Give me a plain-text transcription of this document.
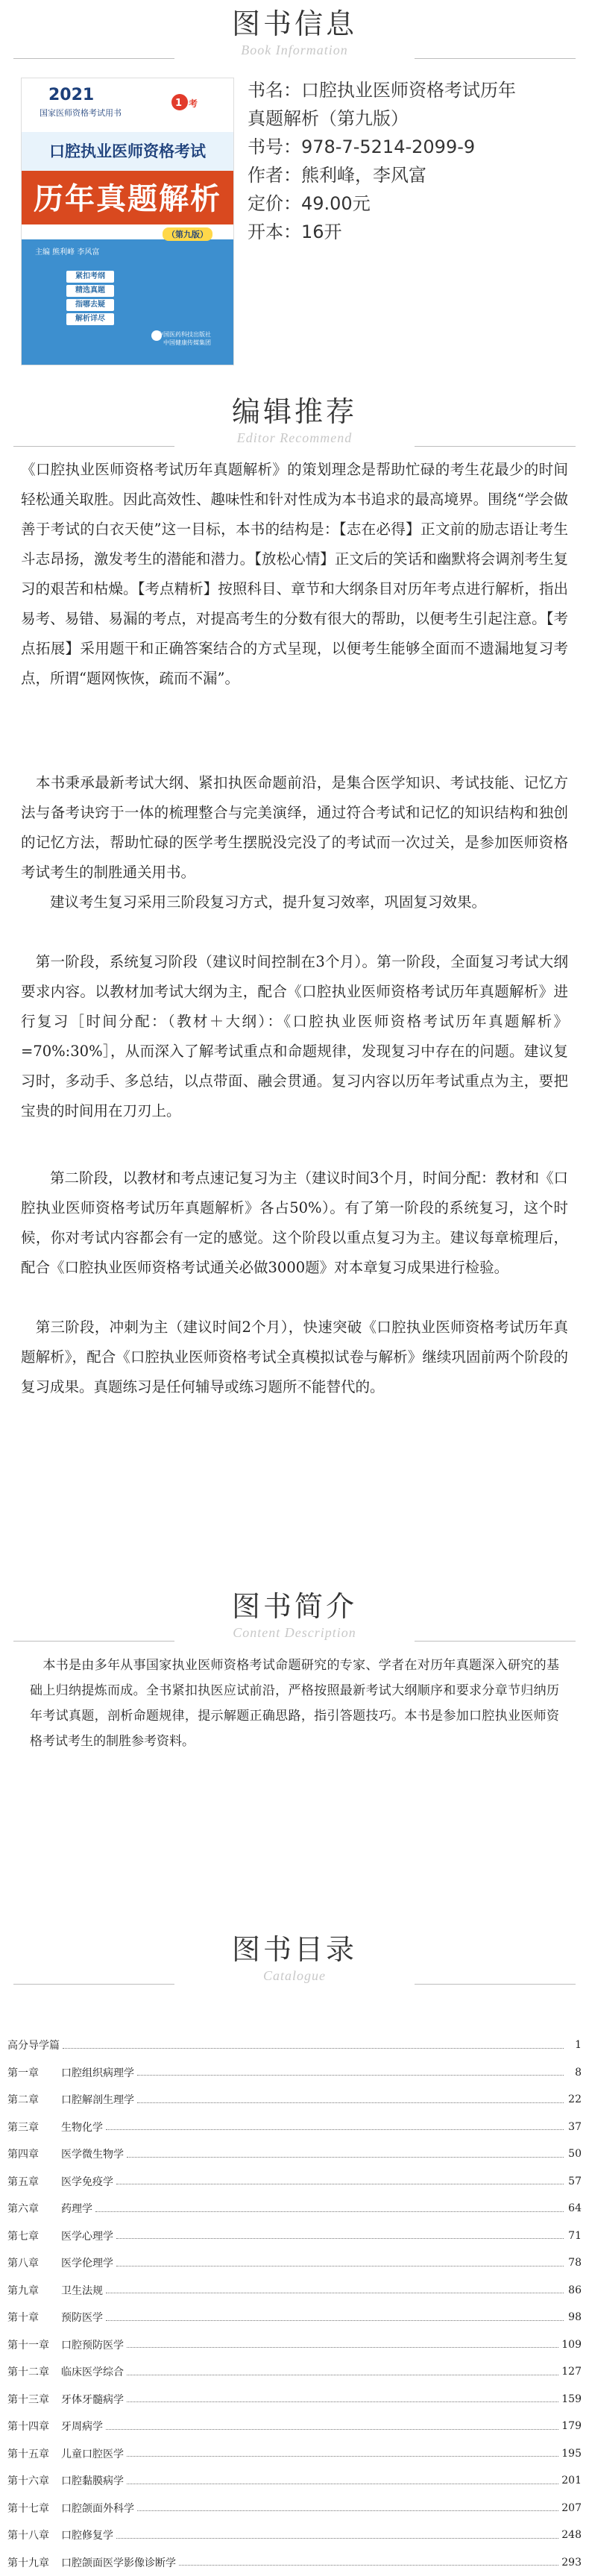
图书信息
Book Information
2021
国家医师资格考试用书
1 考
口腔执业医师资格考试
历年真题解析
（第九版）
主编 熊利峰 李风富
紧扣考纲
精选真题
指哪去疑
解析详尽
中国医药科技出版社
中国健康传媒集团
书名：口腔执业医师资格考试历年
真题解析（第九版）
书号：978-7-5214-2099-9
作者：熊利峰，李风富
定价：49.00元
开本：16开
编辑推荐
Editor Recommend

《口腔执业医师资格考试历年真题解析》的策划理念是帮助忙碌的考生花最少的时间轻松通关取胜。因此高效性、趣味性和针对性成为本书追求的最高境界。围绕“学会做善于考试的白衣天使”这一目标，本书的结构是：【志在必得】正文前的励志语让考生斗志昂扬，激发考生的潜能和潜力。【放松心情】正文后的笑话和幽默将会调剂考生复习的艰苦和枯燥。【考点精析】按照科目、章节和大纲条目对历年考点进行解析，指出易考、易错、易漏的考点，对提高考生的分数有很大的帮助，以便考生引起注意。【考点拓展】采用题干和正确答案结合的方式呈现，以便考生能够全面而不遗漏地复习考点，所谓“题网恢恢，疏而不漏”。

　本书秉承最新考试大纲、紧扣执医命题前沿，是集合医学知识、考试技能、记忆方法与备考诀窍于一体的梳理整合与完美演绎，通过符合考试和记忆的知识结构和独创的记忆方法，帮助忙碌的医学考生摆脱没完没了的考试而一次过关，是参加医师资格考试考生的制胜通关用书。

　　建议考生复习采用三阶段复习方式，提升复习效率，巩固复习效果。

　第一阶段，系统复习阶段（建议时间控制在3个月）。第一阶段，全面复习考试大纲要求内容。以教材加考试大纲为主，配合《口腔执业医师资格考试历年真题解析》进行复习［时间分配：（教材＋大纲）：《口腔执业医师资格考试历年真题解析》=70%:30%］，从而深入了解考试重点和命题规律，发现复习中存在的问题。建议复习时，多动手、多总结，以点带面、融会贯通。复习内容以历年考试重点为主，要把宝贵的时间用在刀刃上。

　　第二阶段，以教材和考点速记复习为主（建议时间3个月，时间分配：教材和《口腔执业医师资格考试历年真题解析》各占50%）。有了第一阶段的系统复习，这个时候，你对考试内容都会有一定的感觉。这个阶段以重点复习为主。建议每章梳理后，配合《口腔执业医师资格考试通关必做3000题》对本章复习成果进行检验。

　第三阶段，冲刺为主（建议时间2个月），快速突破《口腔执业医师资格考试历年真题解析》，配合《口腔执业医师资格考试全真模拟试卷与解析》继续巩固前两个阶段的复习成果。真题练习是任何辅导或练习题所不能替代的。

图书简介
Content Description

　本书是由多年从事国家执业医师资格考试命题研究的专家、学者在对历年真题深入研究的基础上归纳提炼而成。全书紧扣执医应试前沿，严格按照最新考试大纲顺序和要求分章节归纳历年考试真题，剖析命题规律，提示解题正确思路，指引答题技巧。本书是参加口腔执业医师资格考试考生的制胜参考资料。

图书目录
Catalogue
高分导学篇	1
第一章	口腔组织病理学	8
第二章	口腔解剖生理学	22
第三章	生物化学	37
第四章	医学微生物学	50
第五章	医学免疫学	57
第六章	药理学	64
第七章	医学心理学	71
第八章	医学伦理学	78
第九章	卫生法规	86
第十章	预防医学	98
第十一章	口腔预防医学	109
第十二章	临床医学综合	127
第十三章	牙体牙髓病学	159
第十四章	牙周病学	179
第十五章	儿童口腔医学	195
第十六章	口腔黏膜病学	201
第十七章	口腔颌面外科学	207
第十八章	口腔修复学	248
第十九章	口腔颌面医学影像诊断学	293
